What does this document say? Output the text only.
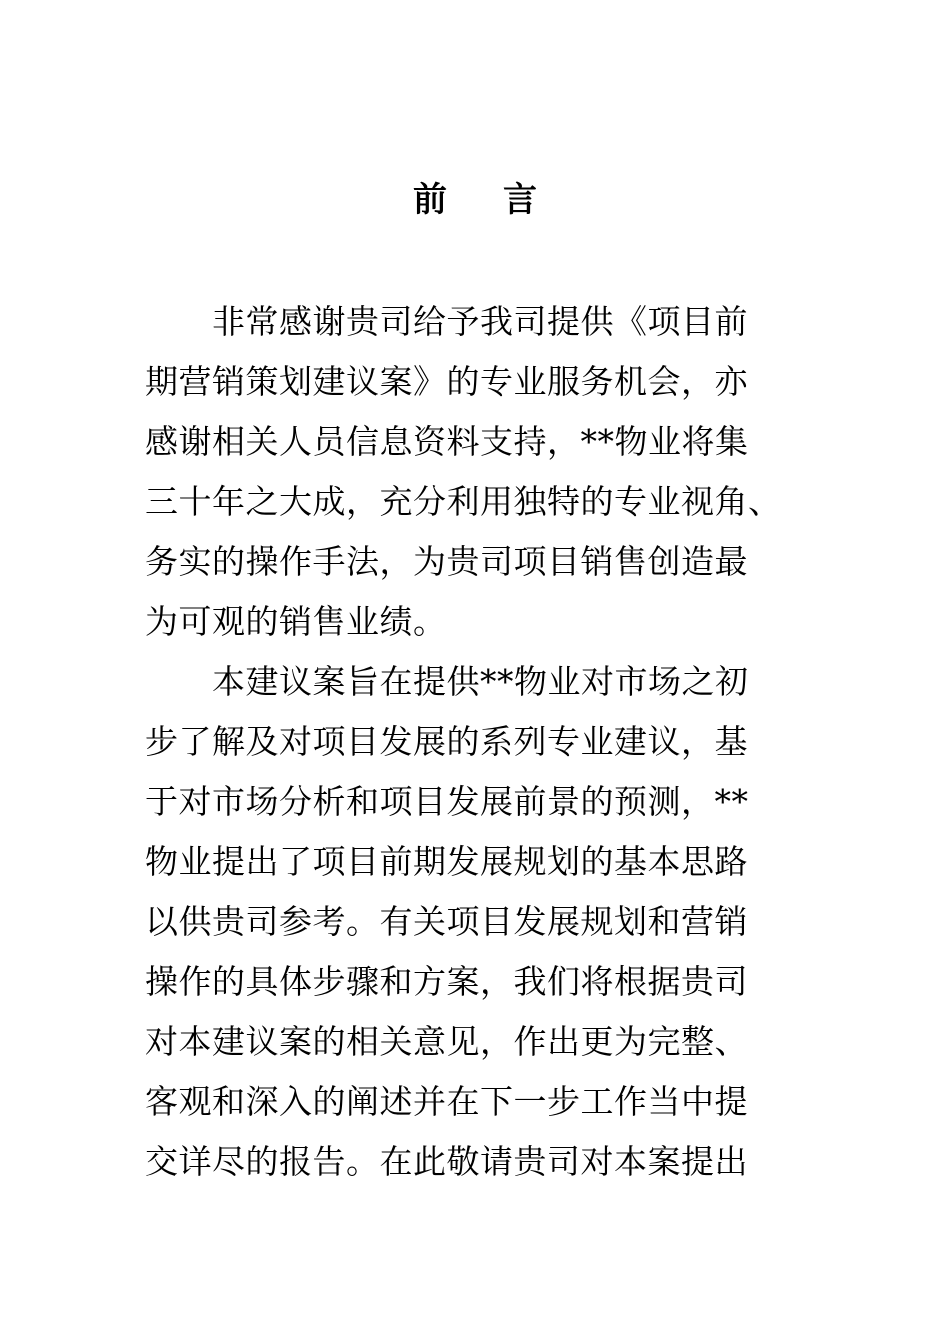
前 言
　　非常感谢贵司给予我司提供《项目前
期营销策划建议案》的专业服务机会，亦
感谢相关人员信息资料支持，**物业将集
三十年之大成，充分利用独特的专业视角、
务实的操作手法，为贵司项目销售创造最
为可观的销售业绩。
　　本建议案旨在提供**物业对市场之初
步了解及对项目发展的系列专业建议，基
于对市场分析和项目发展前景的预测，**
物业提出了项目前期发展规划的基本思路
以供贵司参考。有关项目发展规划和营销
操作的具体步骤和方案，我们将根据贵司
对本建议案的相关意见，作出更为完整、
客观和深入的阐述并在下一步工作当中提
交详尽的报告。在此敬请贵司对本案提出
